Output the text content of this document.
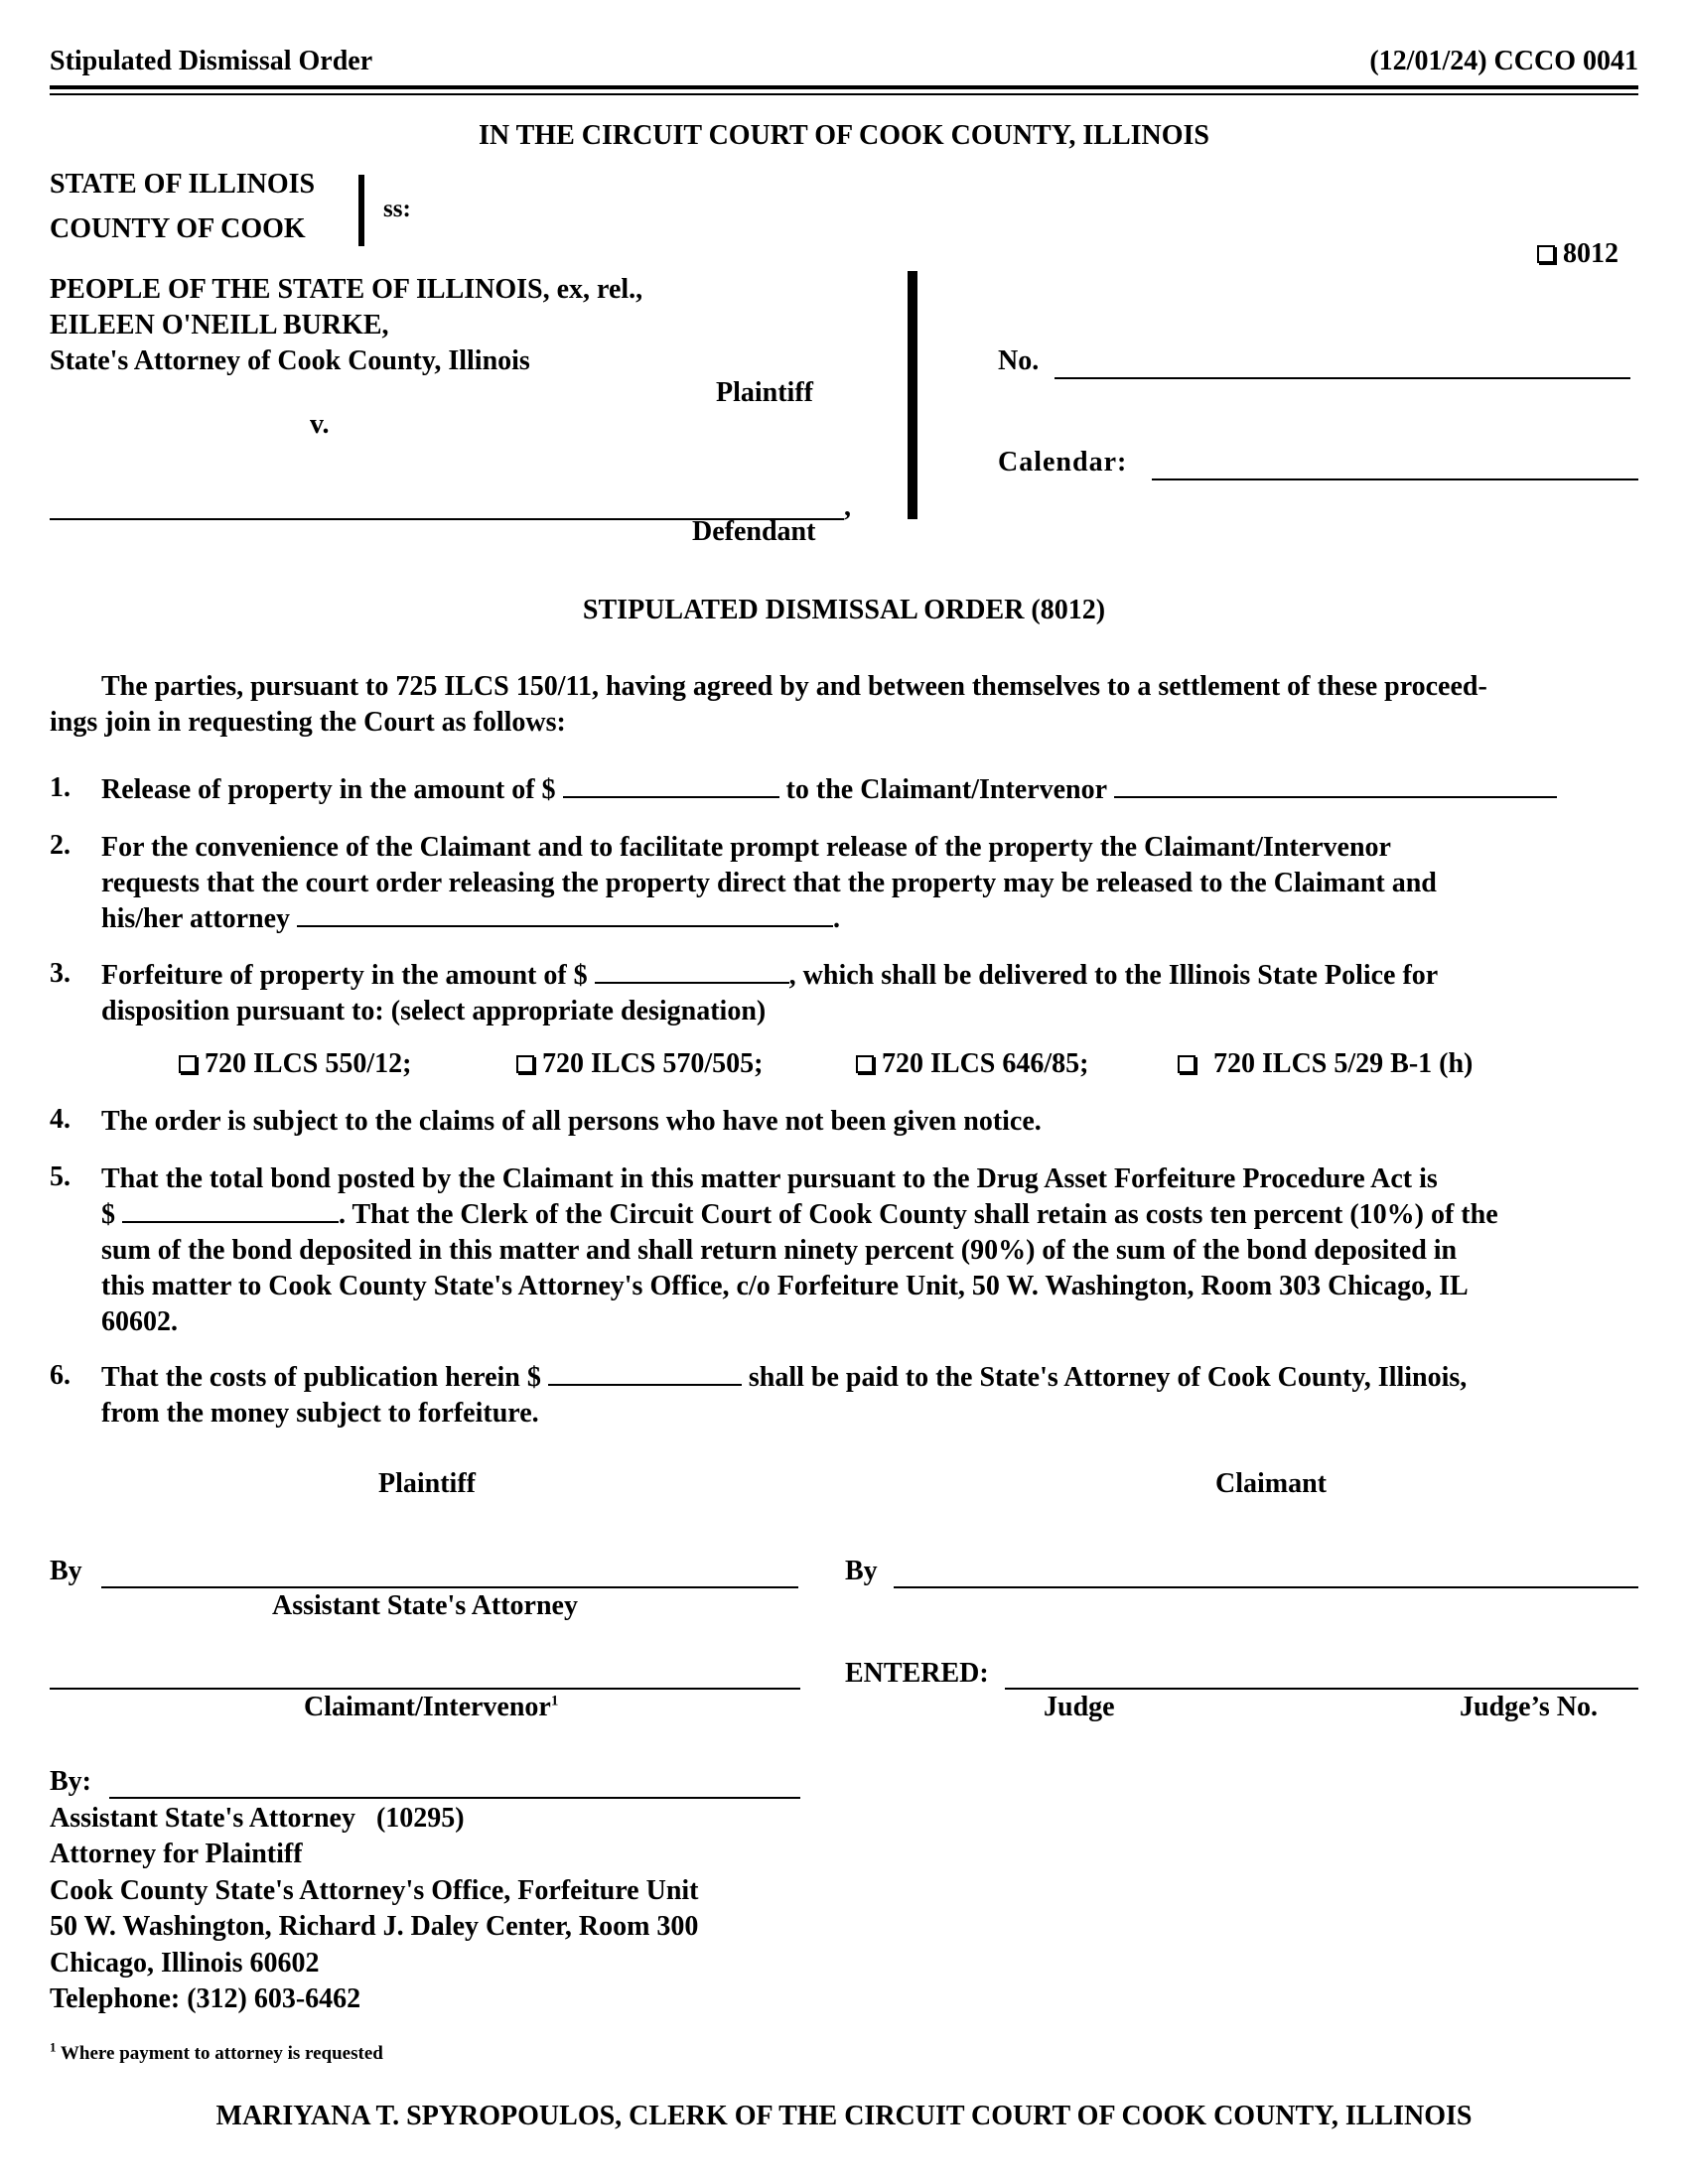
Stipulated Dismissal Order	(12/01/24) CCCO 0041
IN THE CIRCUIT COURT OF COOK COUNTY, ILLINOIS
STATE OF ILLINOIS
COUNTY OF COOK
ss:
8012
PEOPLE OF THE STATE OF ILLINOIS, ex, rel.,
EILEEN O'NEILL BURKE,
State's Attorney of Cook County, Illinois
Plaintiff
v.
,
Defendant
No.
Calendar:
STIPULATED DISMISSAL ORDER (8012)
The parties, pursuant to 725 ILCS 150/11, having agreed by and between themselves to a settlement of these proceed-
ings join in requesting the Court as follows:
1. Release of property in the amount of $	to the Claimant/Intervenor
2. For the convenience of the Claimant and to facilitate prompt release of the property the Claimant/Intervenor
requests that the court order releasing the property direct that the property may be released to the Claimant and
his/her attorney	.
3. Forfeiture of property in the amount of $	, which shall be delivered to the Illinois State Police for
disposition pursuant to: (select appropriate designation)
720 ILCS 550/12;	720 ILCS 570/505;	720 ILCS 646/85;	720 ILCS 5/29 B-1 (h)
4. The order is subject to the claims of all persons who have not been given notice.
5. That the total bond posted by the Claimant in this matter pursuant to the Drug Asset Forfeiture Procedure Act is
$	. That the Clerk of the Circuit Court of Cook County shall retain as costs ten percent (10%) of the
sum of the bond deposited in this matter and shall return ninety percent (90%) of the sum of the bond deposited in
this matter to Cook County State's Attorney's Office, c/o Forfeiture Unit, 50 W. Washington, Room 303 Chicago, IL
60602.
6. That the costs of publication herein $	shall be paid to the State's Attorney of Cook County, Illinois,
from the money subject to forfeiture.
Plaintiff	Claimant
By
Assistant State's Attorney
By
Claimant/Intervenor$^1$
ENTERED:
Judge	Judge’s No.
By:
Assistant State's Attorney   (10295)
Attorney for Plaintiff
Cook County State's Attorney's Office, Forfeiture Unit
50 W. Washington, Richard J. Daley Center, Room 300
Chicago, Illinois 60602
Telephone: (312) 603-6462
$^1$ Where payment to attorney is requested
MARIYANA T. SPYROPOULOS, CLERK OF THE CIRCUIT COURT OF COOK COUNTY, ILLINOIS
